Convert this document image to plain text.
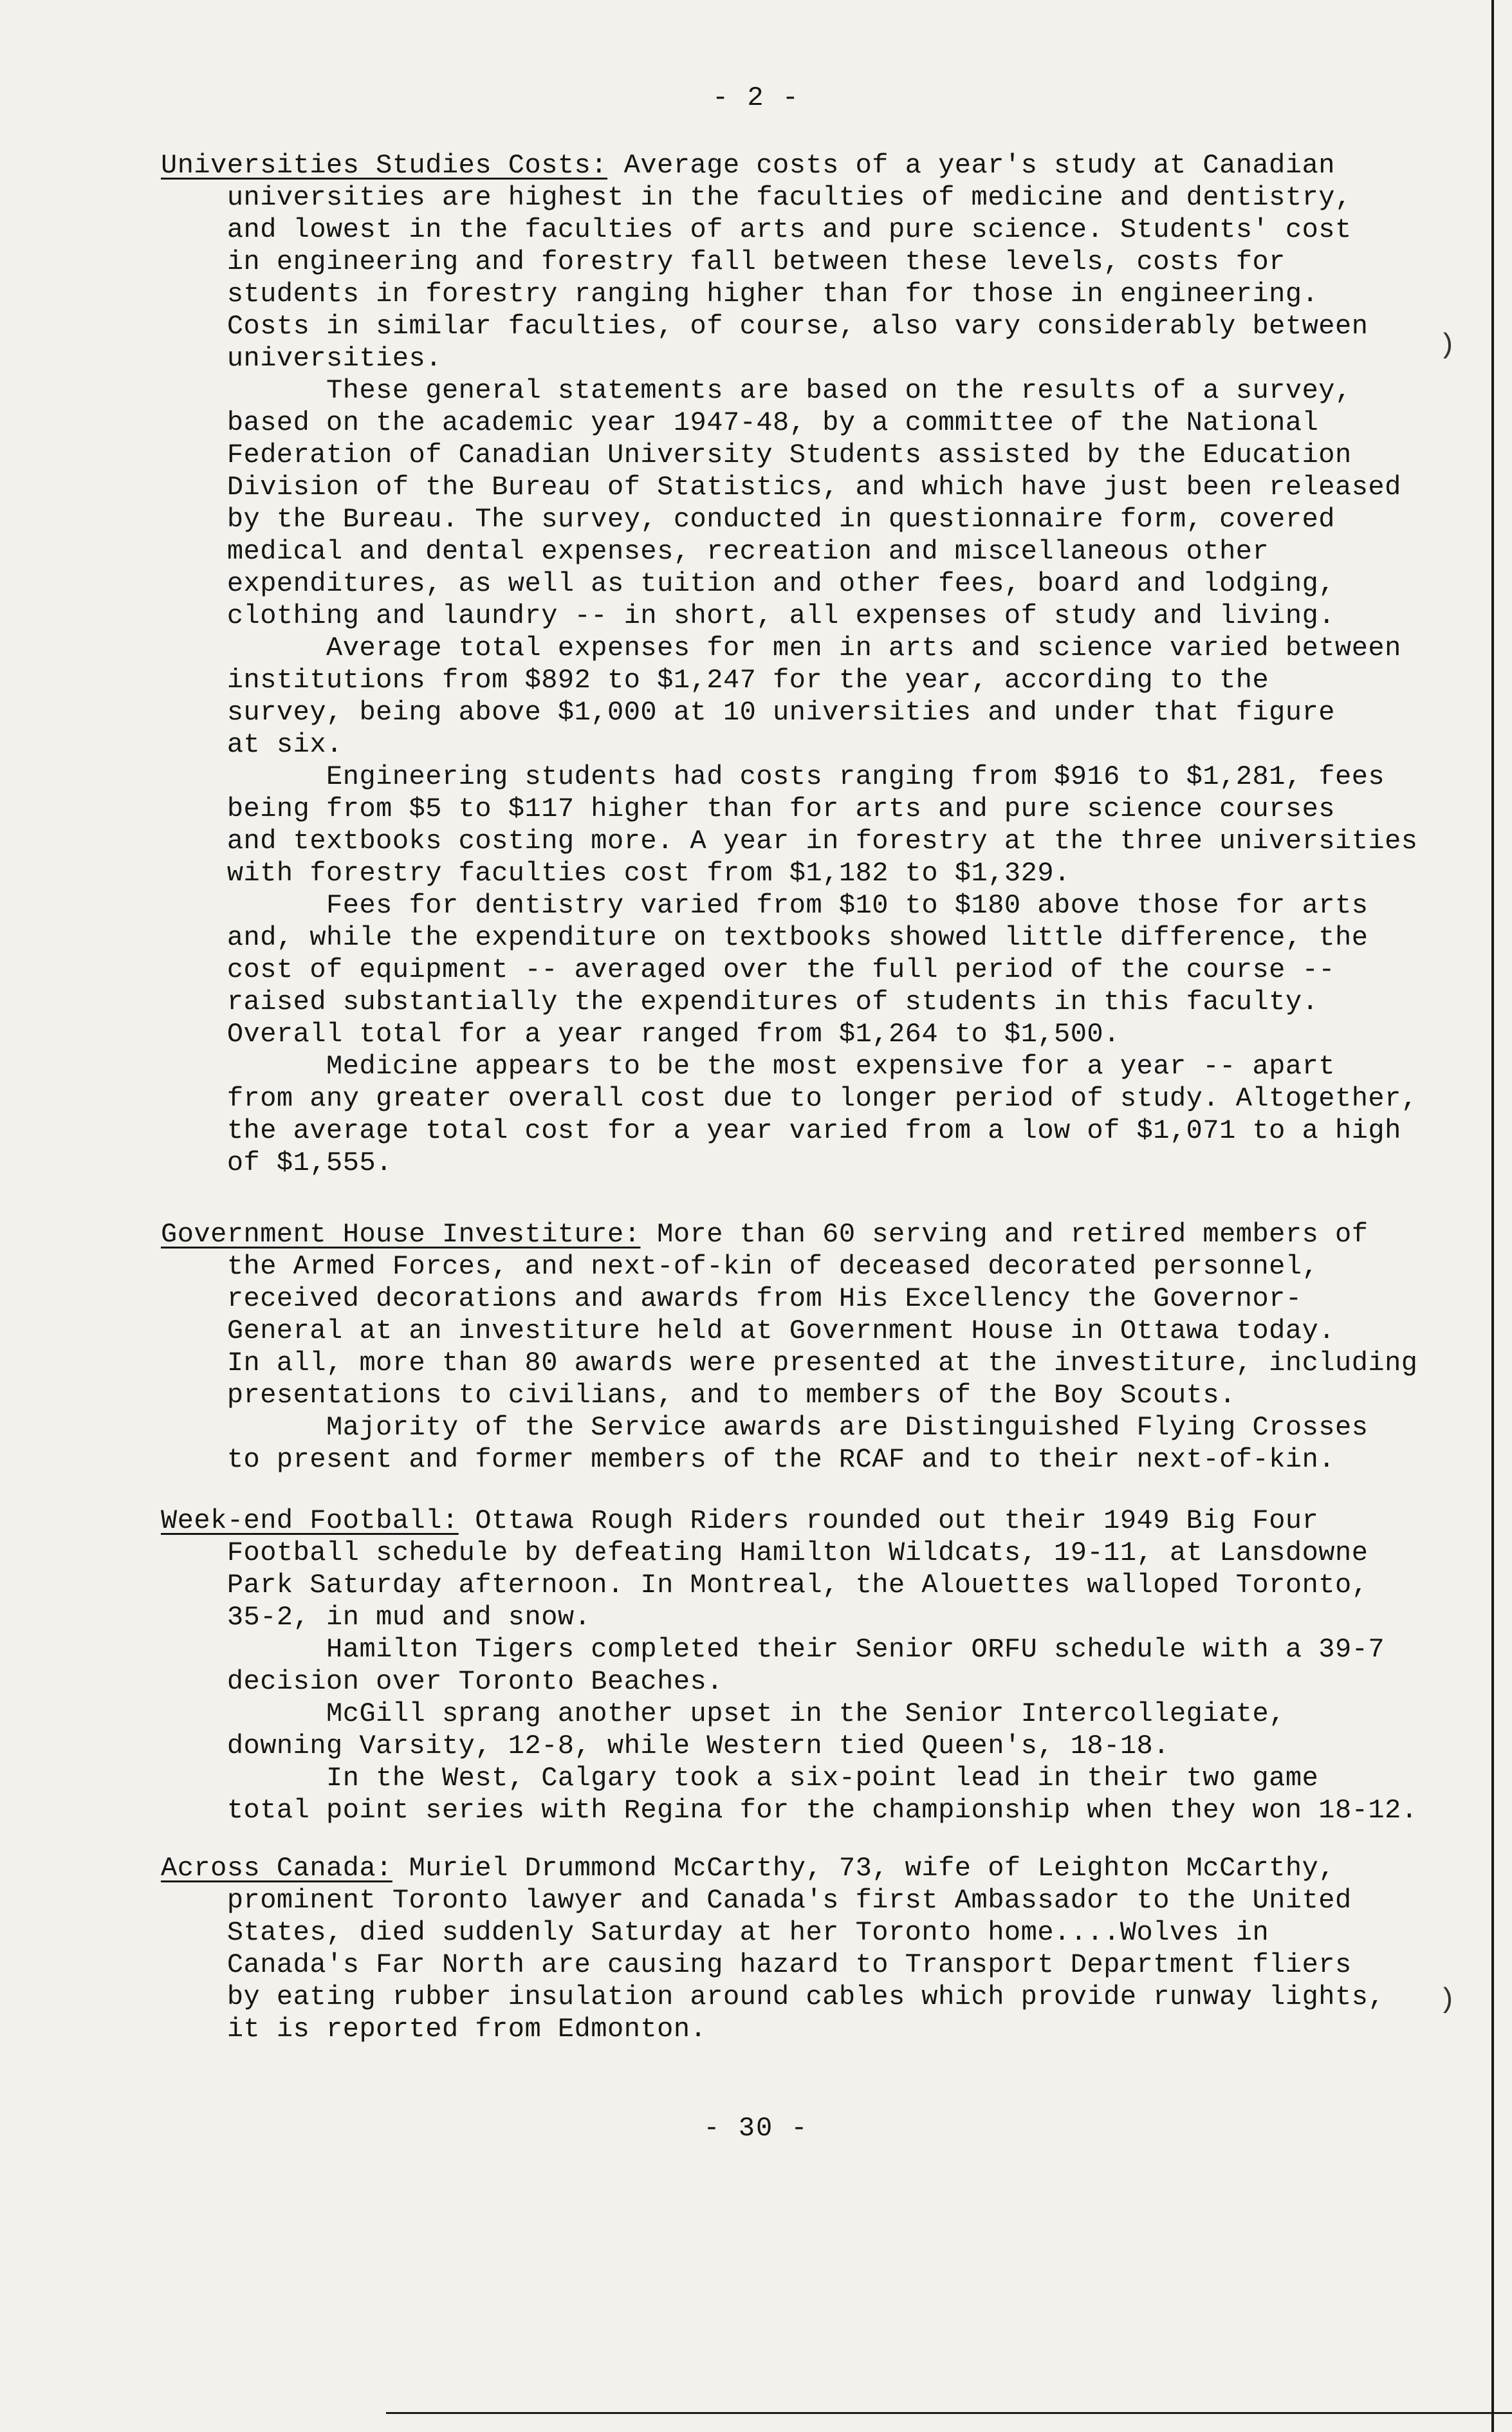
- 2 -
Universities Studies Costs: Average costs of a year's study at Canadian
universities are highest in the faculties of medicine and dentistry,
and lowest in the faculties of arts and pure science. Students' cost
in engineering and forestry fall between these levels, costs for
students in forestry ranging higher than for those in engineering.
Costs in similar faculties, of course, also vary considerably between
universities.
These general statements are based on the results of a survey,
based on the academic year 1947-48, by a committee of the National
Federation of Canadian University Students assisted by the Education
Division of the Bureau of Statistics, and which have just been released
by the Bureau. The survey, conducted in questionnaire form, covered
medical and dental expenses, recreation and miscellaneous other
expenditures, as well as tuition and other fees, board and lodging,
clothing and laundry -- in short, all expenses of study and living.
Average total expenses for men in arts and science varied between
institutions from $892 to $1,247 for the year, according to the
survey, being above $1,000 at 10 universities and under that figure
at six.
Engineering students had costs ranging from $916 to $1,281, fees
being from $5 to $117 higher than for arts and pure science courses
and textbooks costing more. A year in forestry at the three universities
with forestry faculties cost from $1,182 to $1,329.
Fees for dentistry varied from $10 to $180 above those for arts
and, while the expenditure on textbooks showed little difference, the
cost of equipment -- averaged over the full period of the course --
raised substantially the expenditures of students in this faculty.
Overall total for a year ranged from $1,264 to $1,500.
Medicine appears to be the most expensive for a year -- apart
from any greater overall cost due to longer period of study. Altogether,
the average total cost for a year varied from a low of $1,071 to a high
of $1,555.
Government House Investiture: More than 60 serving and retired members of
the Armed Forces, and next-of-kin of deceased decorated personnel,
received decorations and awards from His Excellency the Governor-
General at an investiture held at Government House in Ottawa today.
In all, more than 80 awards were presented at the investiture, including
presentations to civilians, and to members of the Boy Scouts.
Majority of the Service awards are Distinguished Flying Crosses
to present and former members of the RCAF and to their next-of-kin.
Week-end Football: Ottawa Rough Riders rounded out their 1949 Big Four
Football schedule by defeating Hamilton Wildcats, 19-11, at Lansdowne
Park Saturday afternoon. In Montreal, the Alouettes walloped Toronto,
35-2, in mud and snow.
Hamilton Tigers completed their Senior ORFU schedule with a 39-7
decision over Toronto Beaches.
McGill sprang another upset in the Senior Intercollegiate,
downing Varsity, 12-8, while Western tied Queen's, 18-18.
In the West, Calgary took a six-point lead in their two game
total point series with Regina for the championship when they won 18-12.
Across Canada: Muriel Drummond McCarthy, 73, wife of Leighton McCarthy,
prominent Toronto lawyer and Canada's first Ambassador to the United
States, died suddenly Saturday at her Toronto home....Wolves in
Canada's Far North are causing hazard to Transport Department fliers
by eating rubber insulation around cables which provide runway lights,
it is reported from Edmonton.
- 30 -
)
)
